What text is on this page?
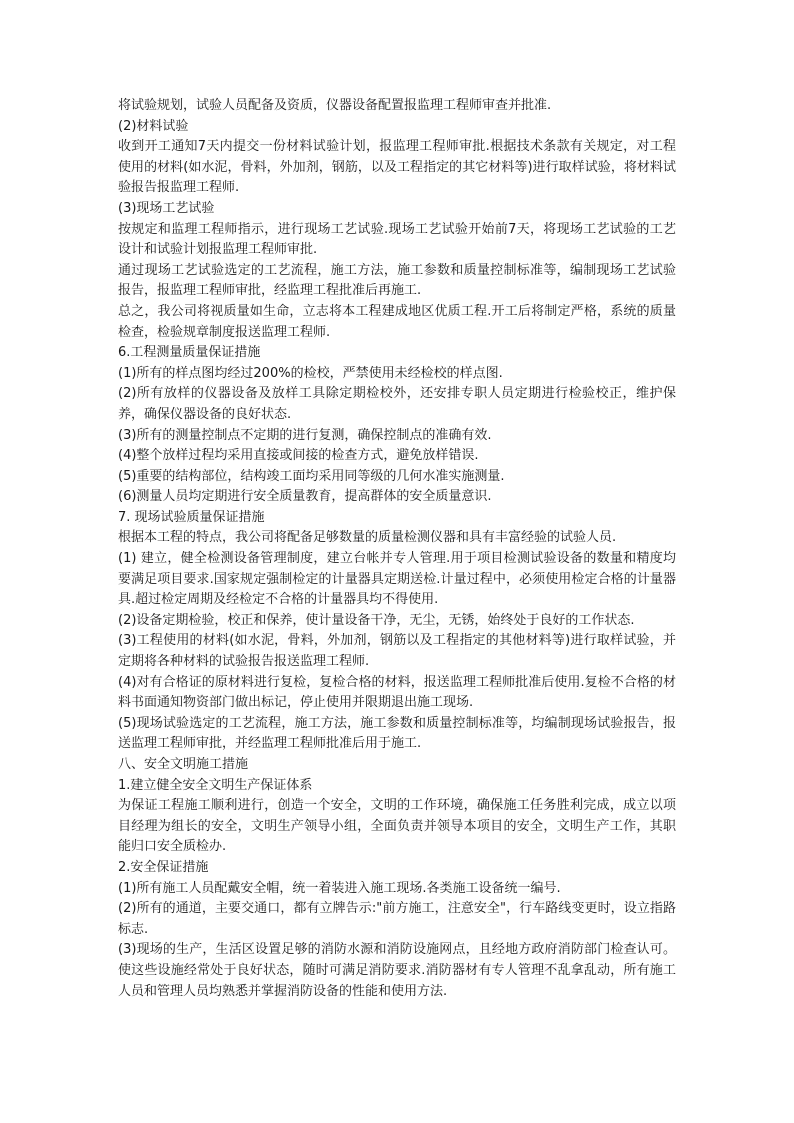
将试验规划，试验人员配备及资质，仪器设备配置报监理工程师审查并批准.

(2)材料试验

收到开工通知7天内提交一份材料试验计划，报监理工程师审批.根据技术条款有关规定，对工程使用的材料(如水泥，骨料，外加剂，钢筋，以及工程指定的其它材料等)进行取样试验，将材料试验报告报监理工程师.

(3)现场工艺试验

按规定和监理工程师指示，进行现场工艺试验.现场工艺试验开始前7天，将现场工艺试验的工艺设计和试验计划报监理工程师审批.

通过现场工艺试验选定的工艺流程，施工方法，施工参数和质量控制标准等，编制现场工艺试验报告，报监理工程师审批，经监理工程批准后再施工.

总之，我公司将视质量如生命，立志将本工程建成地区优质工程.开工后将制定严格，系统的质量检查，检验规章制度报送监理工程师.

6.工程测量质量保证措施

(1)所有的样点图均经过200%的检校，严禁使用未经检校的样点图.

(2)所有放样的仪器设备及放样工具除定期检校外，还安排专职人员定期进行检验校正，维护保养，确保仪器设备的良好状态.

(3)所有的测量控制点不定期的进行复测，确保控制点的准确有效.

(4)整个放样过程均采用直接或间接的检查方式，避免放样错误.

(5)重要的结构部位，结构竣工面均采用同等级的几何水准实施测量.

(6)测量人员均定期进行安全质量教育，提高群体的安全质量意识.

7. 现场试验质量保证措施

根据本工程的特点，我公司将配备足够数量的质量检测仪器和具有丰富经验的试验人员.

(1) 建立，健全检测设备管理制度，建立台帐并专人管理.用于项目检测试验设备的数量和精度均要满足项目要求.国家规定强制检定的计量器具定期送检.计量过程中，必须使用检定合格的计量器具.超过检定周期及经检定不合格的计量器具均不得使用.

(2)设备定期检验，校正和保养，使计量设备干净，无尘，无锈，始终处于良好的工作状态.

(3)工程使用的材料(如水泥，骨料，外加剂，钢筋以及工程指定的其他材料等)进行取样试验，并定期将各种材料的试验报告报送监理工程师.

(4)对有合格证的原材料进行复检，复检合格的材料，报送监理工程师批准后使用.复检不合格的材料书面通知物资部门做出标记，停止使用并限期退出施工现场.

(5)现场试验选定的工艺流程，施工方法，施工参数和质量控制标准等，均编制现场试验报告，报送监理工程师审批，并经监理工程师批准后用于施工.

八、安全文明施工措施

1.建立健全安全文明生产保证体系

为保证工程施工顺利进行，创造一个安全，文明的工作环境，确保施工任务胜利完成，成立以项目经理为组长的安全，文明生产领导小组，全面负责并领导本项目的安全，文明生产工作，其职能归口安全质检办.

2.安全保证措施

(1)所有施工人员配戴安全帽，统一着装进入施工现场.各类施工设备统一编号.

(2)所有的通道，主要交通口，都有立牌告示:"前方施工，注意安全"，行车路线变更时，设立指路标志.

(3)现场的生产，生活区设置足够的消防水源和消防设施网点，且经地方政府消防部门检查认可。使这些设施经常处于良好状态，随时可满足消防要求.消防器材有专人管理不乱拿乱动，所有施工人员和管理人员均熟悉并掌握消防设备的性能和使用方法.
